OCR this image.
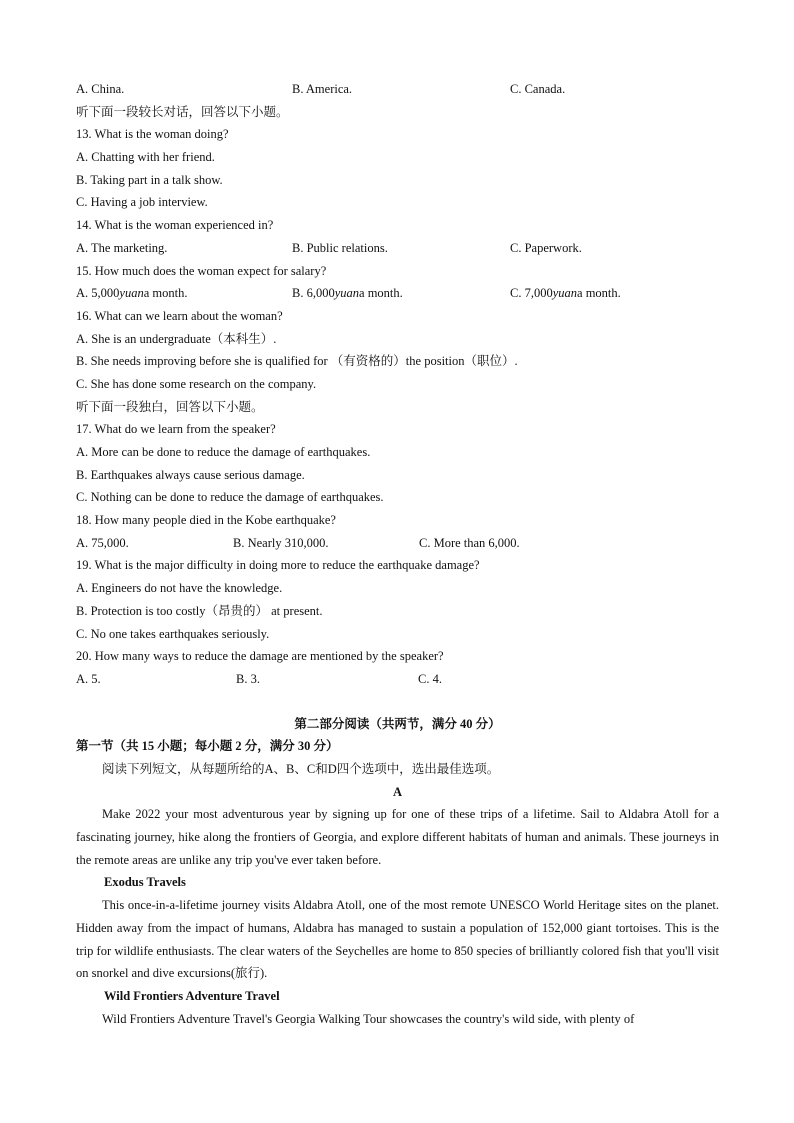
A. China.	B. America.	C. Canada.
听下面一段较长对话，回答以下小题。
13. What is the woman doing?
A. Chatting with her friend.
B. Taking part in a talk show.
C. Having a job interview.
14. What is the woman experienced in?
A. The marketing.	B. Public relations.	C. Paperwork.
15. How much does the woman expect for salary?
A. 5,000yuana month.	B. 6,000yuana month.	C. 7,000yuana month.
16. What can we learn about the woman?
A. She is an undergraduate（本科生）.
B. She needs improving before she is qualified for （有资格的）the position（职位）.
C. She has done some research on the company.
听下面一段独白，回答以下小题。
17. What do we learn from the speaker?
A. More can be done to reduce the damage of earthquakes.
B. Earthquakes always cause serious damage.
C. Nothing can be done to reduce the damage of earthquakes.
18. How many people died in the Kobe earthquake?
A. 75,000.	B. Nearly 310,000.	C. More than 6,000.
19. What is the major difficulty in doing more to reduce the earthquake damage?
A. Engineers do not have the knowledge.
B. Protection is too costly（昂贵的） at present.
C. No one takes earthquakes seriously.
20. How many ways to reduce the damage are mentioned by the speaker?
A. 5.	B. 3.	C. 4.
第二部分阅读（共两节，满分 40 分）
第一节（共 15 小题；每小题 2 分，满分 30 分）
阅读下列短文，从每题所给的A、B、C和D四个选项中，选出最佳选项。
A
Make 2022 your most adventurous year by signing up for one of these trips of a lifetime. Sail to Aldabra Atoll for a fascinating journey, hike along the frontiers of Georgia, and explore different habitats of human and animals. These journeys in the remote areas are unlike any trip you've ever taken before.
Exodus Travels
This once-in-a-lifetime journey visits Aldabra Atoll, one of the most remote UNESCO World Heritage sites on the planet. Hidden away from the impact of humans, Aldabra has managed to sustain a population of 152,000 giant tortoises. This is the trip for wildlife enthusiasts. The clear waters of the Seychelles are home to 850 species of brilliantly colored fish that you'll visit on snorkel and dive excursions(旅行).
Wild Frontiers Adventure Travel
Wild Frontiers Adventure Travel's Georgia Walking Tour showcases the country's wild side, with plenty of
